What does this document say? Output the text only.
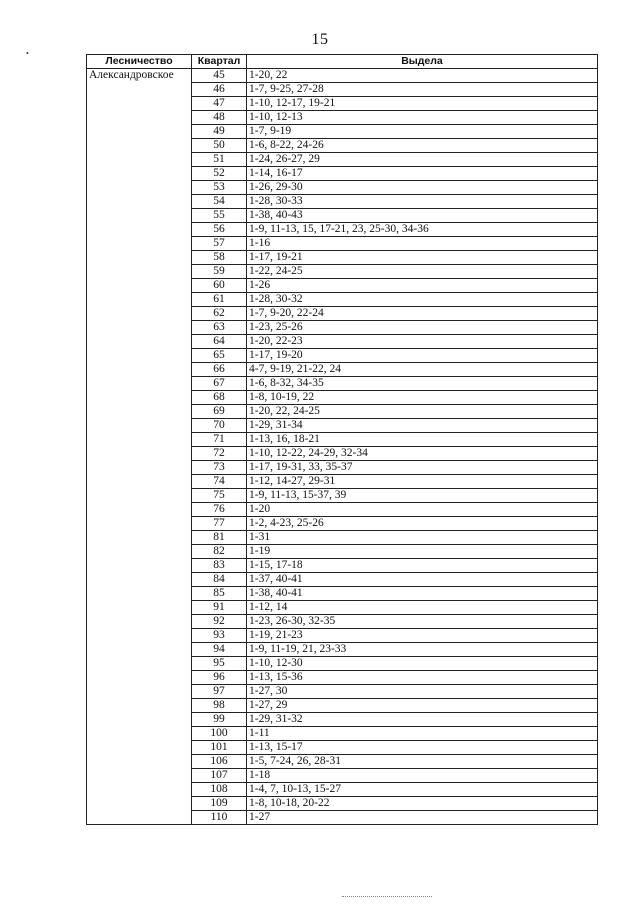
15
•
Лесничество	Квартал	Выдела
Александровское	45	1-20, 22
	46	1-7, 9-25, 27-28
	47	1-10, 12-17, 19-21
	48	1-10, 12-13
	49	1-7, 9-19
	50	1-6, 8-22, 24-26
	51	1-24, 26-27, 29
	52	1-14, 16-17
	53	1-26, 29-30
	54	1-28, 30-33
	55	1-38, 40-43
	56	1-9, 11-13, 15, 17-21, 23, 25-30, 34-36
	57	1-16
	58	1-17, 19-21
	59	1-22, 24-25
	60	1-26
	61	1-28, 30-32
	62	1-7, 9-20, 22-24
	63	1-23, 25-26
	64	1-20, 22-23
	65	1-17, 19-20
	66	4-7, 9-19, 21-22, 24
	67	1-6, 8-32, 34-35
	68	1-8, 10-19, 22
	69	1-20, 22, 24-25
	70	1-29, 31-34
	71	1-13, 16, 18-21
	72	1-10, 12-22, 24-29, 32-34
	73	1-17, 19-31, 33, 35-37
	74	1-12, 14-27, 29-31
	75	1-9, 11-13, 15-37, 39
	76	1-20
	77	1-2, 4-23, 25-26
	81	1-31
	82	1-19
	83	1-15, 17-18
	84	1-37, 40-41
	85	1-38, 40-41
	91	1-12, 14
	92	1-23, 26-30, 32-35
	93	1-19, 21-23
	94	1-9, 11-19, 21, 23-33
	95	1-10, 12-30
	96	1-13, 15-36
	97	1-27, 30
	98	1-27, 29
	99	1-29, 31-32
	100	1-11
	101	1-13, 15-17
	106	1-5, 7-24, 26, 28-31
	107	1-18
	108	1-4, 7, 10-13, 15-27
	109	1-8, 10-18, 20-22
	110	1-27
